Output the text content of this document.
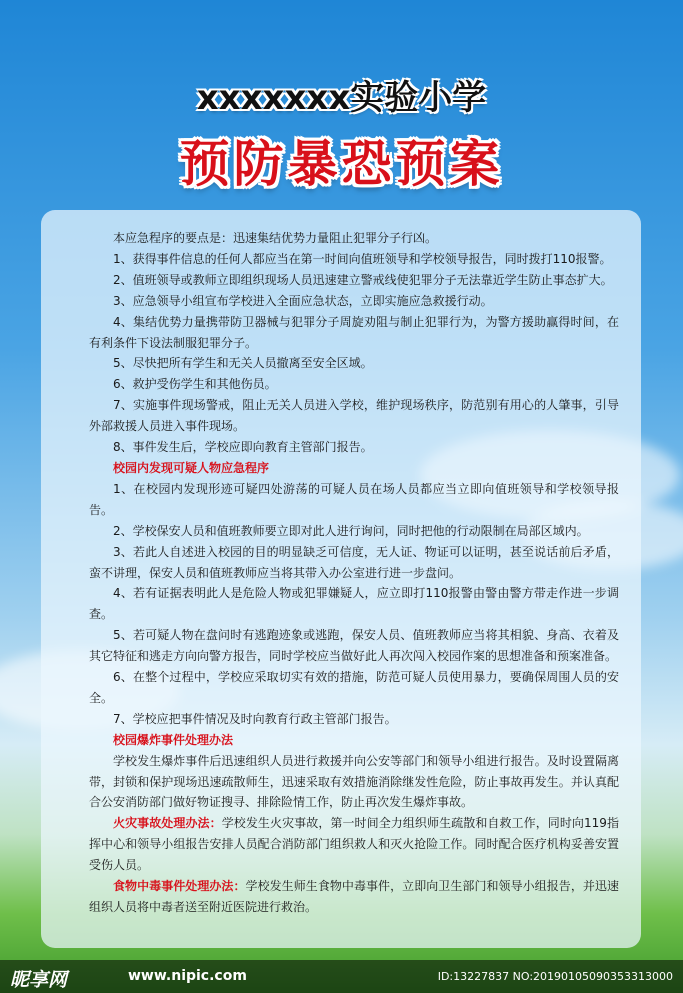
xxxxxxx实验小学
预防暴恐预案

本应急程序的要点是：迅速集结优势力量阻止犯罪分子行凶。

1、获得事件信息的任何人都应当在第一时间向值班领导和学校领导报告，同时拨打110报警。

2、值班领导或教师立即组织现场人员迅速建立警戒线使犯罪分子无法靠近学生防止事态扩大。

3、应急领导小组宣布学校进入全面应急状态，立即实施应急救援行动。

4、集结优势力量携带防卫器械与犯罪分子周旋劝阻与制止犯罪行为，为警方援助赢得时间，在有利条件下设法制服犯罪分子。

5、尽快把所有学生和无关人员撤离至安全区域。

6、救护受伤学生和其他伤员。

7、实施事件现场警戒，阻止无关人员进入学校，维护现场秩序，防范别有用心的人肇事，引导外部救援人员进入事件现场。

8、事件发生后，学校应即向教育主管部门报告。

校园内发现可疑人物应急程序

1、在校园内发现形迹可疑四处游荡的可疑人员在场人员都应当立即向值班领导和学校领导报告。

2、学校保安人员和值班教师要立即对此人进行询问，同时把他的行动限制在局部区域内。

3、若此人自述进入校园的目的明显缺乏可信度，无人证、物证可以证明，甚至说话前后矛盾，蛮不讲理，保安人员和值班教师应当将其带入办公室进行进一步盘问。

4、若有证据表明此人是危险人物或犯罪嫌疑人，应立即打110报警由警由警方带走作进一步调查。

5、若可疑人物在盘问时有逃跑迹象或逃跑，保安人员、值班教师应当将其相貌、身高、衣着及其它特征和逃走方向向警方报告，同时学校应当做好此人再次闯入校园作案的思想准备和预案准备。

6、在整个过程中，学校应采取切实有效的措施，防范可疑人员使用暴力，要确保周围人员的安全。

7、学校应把事件情况及时向教育行政主管部门报告。

校园爆炸事件处理办法

学校发生爆炸事件后迅速组织人员进行救援并向公安等部门和领导小组进行报告。及时设置隔离带，封锁和保护现场迅速疏散师生，迅速采取有效措施消除继发性危险，防止事故再发生。并认真配合公安消防部门做好物证搜寻、排除险情工作，防止再次发生爆炸事故。

火灾事故处理办法：学校发生火灾事故，第一时间全力组织师生疏散和自救工作，同时向119指挥中心和领导小组报告安排人员配合消防部门组织救人和灭火抢险工作。同时配合医疗机构妥善安置受伤人员。

食物中毒事件处理办法：学校发生师生食物中毒事件，立即向卫生部门和领导小组报告，并迅速组织人员将中毒者送至附近医院进行救治。

昵享网	www.nipic.com	ID:13227837 NO:20190105090353313000
